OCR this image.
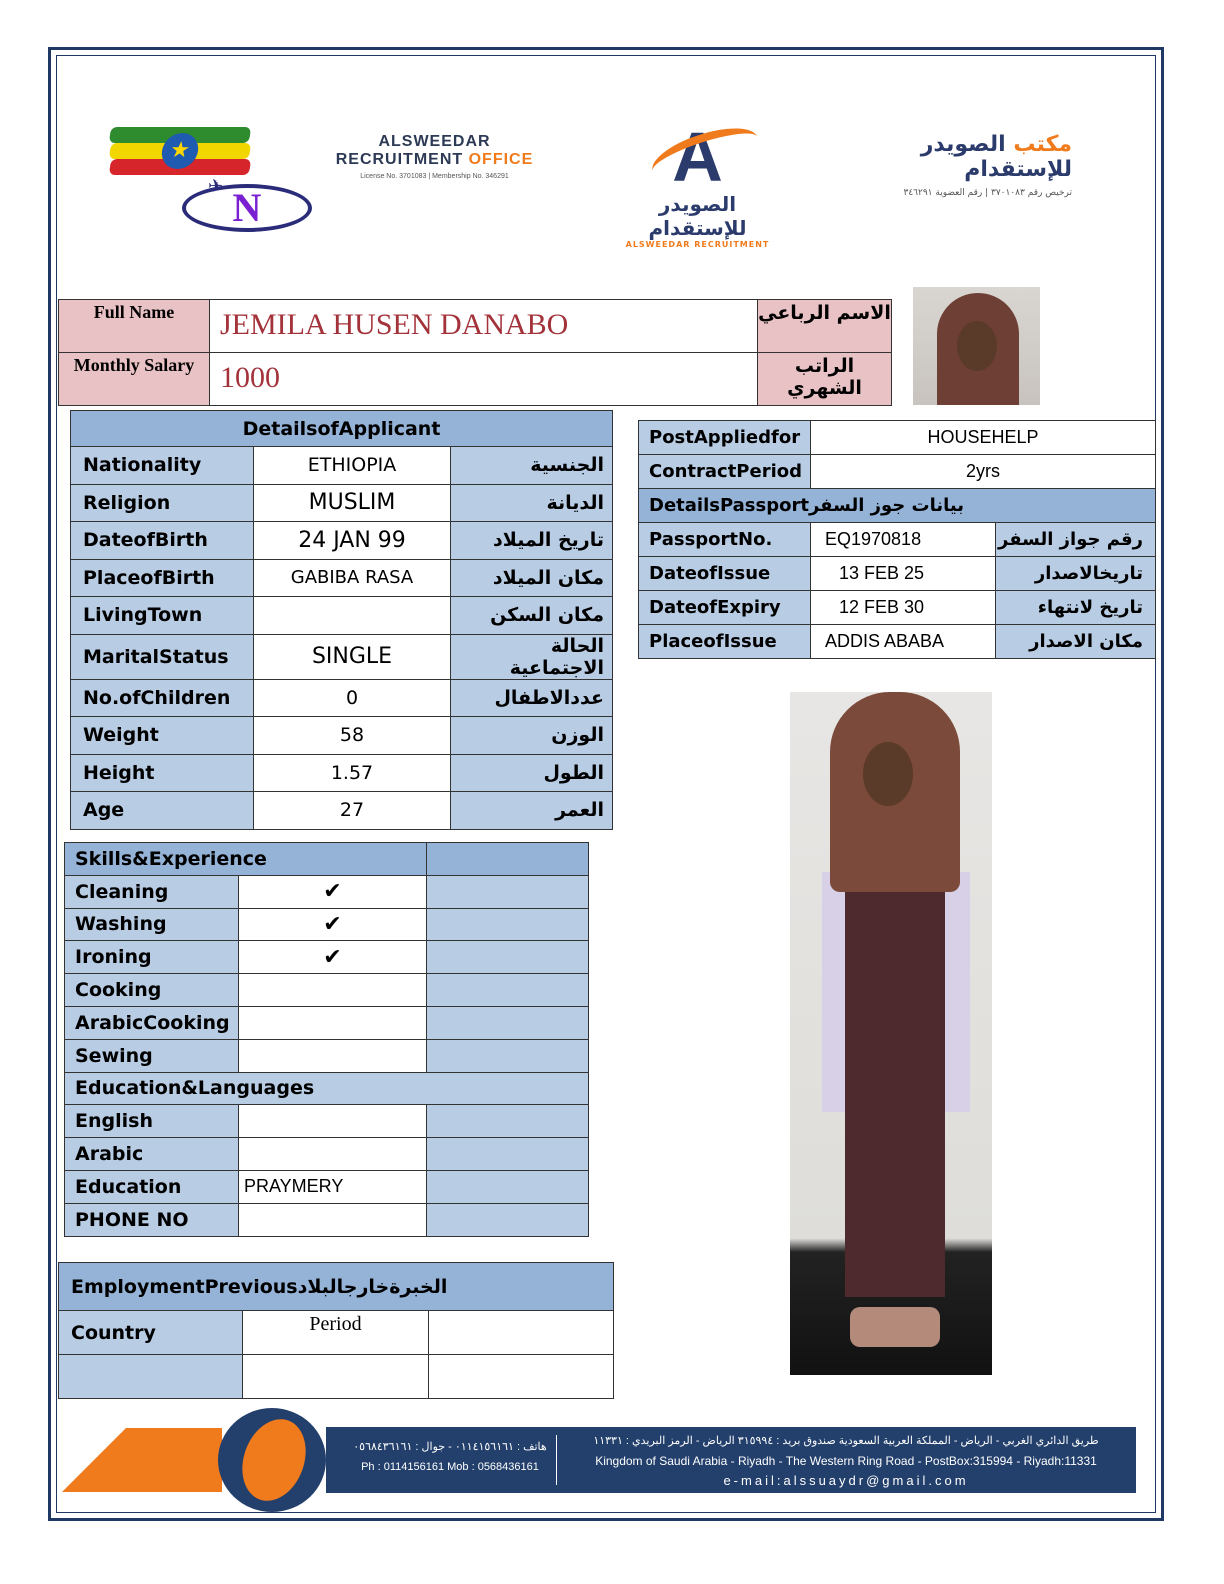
★
✈ N
ALSWEEDAR
RECRUITMENT OFFICE
License No. 3701083 | Membership No. 346291	A
الصويدر للإستقدام
ALSWEEDAR RECRUITMENT
مكتب الصويدر للإستقدام
ترخيص رقم ٣٧٠١٠٨٣ | رقم العضوية ٣٤٦٢٩١
Full Name	JEMILA HUSEN DANABO	الاسم الرباعي
Monthly Salary	1000	الراتب الشهري
DetailsofApplicant		
Nationality	ETHIOPIA	الجنسية
Religion	MUSLIM	الديانة
DateofBirth	24 JAN 99	تاريخ الميلاد
PlaceofBirth	GABIBA RASA	مكان الميلاد
LivingTown		مكان السكن
MaritalStatus	SINGLE	الحالة الاجتماعية
No.ofChildren	0	عددالاطفال
Weight	58	الوزن
Height	1.57	الطول
Age	27	العمر
PostAppliedfor	HOUSEHELP	
ContractPeriod	2yrs	
DetailsPassportبيانات جوز السفر		
PassportNo.	EQ1970818	رقم جواز السفر
DateofIssue	13 FEB 25	تاريخالاصدار
DateofExpiry	12 FEB 30	تاريخ لانتهاء
PlaceofIssue	ADDIS ABABA	مكان الاصدار
Skills&Experience		
Cleaning	✔	
Washing	✔	
Ironing	✔	
Cooking		
ArabicCooking		
Sewing		
Education&Languages		
English		
Arabic		
Education	PRAYMERY	
PHONE NO		
EmploymentPreviousالخبرةخارجالبلاد		
Country	Period	

هاتف : ٠١١٤١٥٦١٦١ - جوال : ٠٥٦٨٤٣٦١٦١
Ph : 0114156161 Mob : 0568436161
طريق الدائري الغربي - الرياض - المملكة العربية السعودية صندوق بريد : ٣١٥٩٩٤ الرياض - الرمز البريدي : ١١٣٣١
Kingdom of Saudi Arabia - Riyadh - The Western Ring Road - PostBox:315994 - Riyadh:11331
e-mail:alssuaydr@gmail.com
